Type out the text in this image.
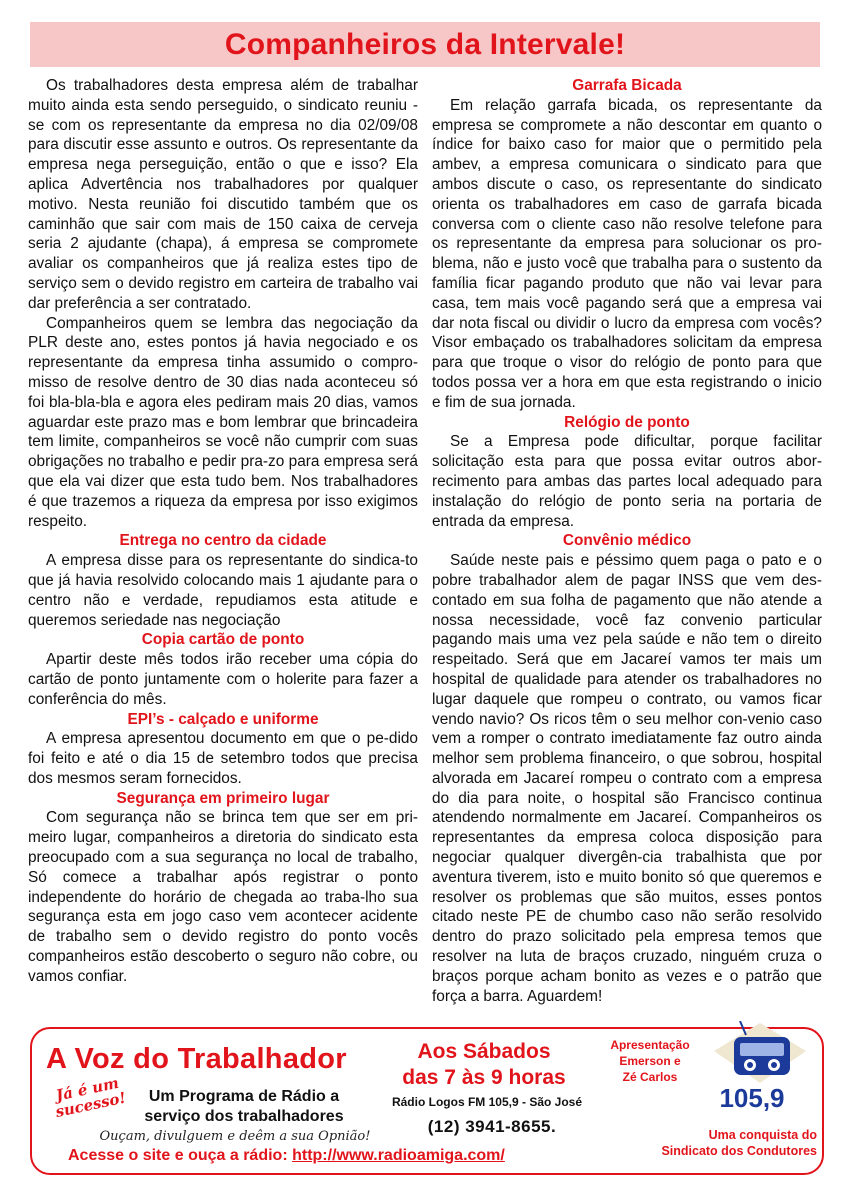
Companheiros da Intervale!

Os trabalhadores desta empresa além de trabalhar muito ainda esta sendo perseguido, o sindicato reuniu - se com os representante da empresa no dia 02/09/08 para discutir esse assunto e outros. Os representante da empresa nega perseguição, então o que e isso? Ela aplica Advertência nos trabalhadores por qualquer motivo. Nesta reunião foi discutido também que os caminhão que sair com mais de 150 caixa de cerveja seria 2 ajudante (chapa), á empresa se compromete avaliar os companheiros que já realiza estes tipo de serviço sem o devido registro em carteira de trabalho vai dar preferência a ser contratado.

Companheiros quem se lembra das negociação da PLR deste ano, estes pontos já havia negociado e os representante da empresa tinha assumido o compro-misso de resolve dentro de 30 dias nada aconteceu só foi bla-bla-bla e agora eles pediram mais 20 dias, vamos aguardar este prazo mas e bom lembrar que brincadeira tem limite, companheiros se você não cumprir com suas obrigações no trabalho e pedir pra-zo para empresa será que ela vai dizer que esta tudo bem. Nos trabalhadores é que trazemos a riqueza da empresa por isso exigimos respeito.

Entrega no centro da cidade

A empresa disse para os representante do sindica-to que já havia resolvido colocando mais 1 ajudante para o centro não e verdade, repudiamos esta atitude e queremos seriedade nas negociação

Copia cartão de ponto

Apartir deste mês todos irão receber uma cópia do cartão de ponto juntamente com o holerite para fazer a conferência do mês.

EPI’s - calçado e uniforme

A empresa apresentou documento em que o pe-dido foi feito e até o dia 15 de setembro todos que precisa dos mesmos seram fornecidos.

Segurança em primeiro lugar

Com segurança não se brinca tem que ser em pri-meiro lugar, companheiros a diretoria do sindicato esta preocupado com a sua segurança no local de trabalho, Só comece a trabalhar após registrar o ponto independente do horário de chegada ao traba-lho sua segurança esta em jogo caso vem acontecer acidente de trabalho sem o devido registro do ponto vocês companheiros estão descoberto o seguro não cobre, ou vamos confiar.

Garrafa Bicada

Em relação garrafa bicada, os representante da empresa se compromete a não descontar em quanto o índice for baixo caso for maior que o permitido pela ambev, a empresa comunicara o sindicato para que ambos discute o caso, os representante do sindicato orienta os trabalhadores em caso de garrafa bicada conversa com o cliente caso não resolve telefone para os representante da empresa para solucionar os pro-blema, não e justo você que trabalha para o sustento da família ficar pagando produto que não vai levar para casa, tem mais você pagando será que a empresa vai dar nota fiscal ou dividir o lucro da empresa com vocês? Visor embaçado os trabalhadores solicitam da empresa para que troque o visor do relógio de ponto para que todos possa ver a hora em que esta registrando o inicio e fim de sua jornada.

Relógio de ponto

Se a Empresa pode dificultar, porque facilitar solicitação esta para que possa evitar outros abor-recimento para ambas das partes local adequado para instalação do relógio de ponto seria na portaria de entrada da empresa.

Convênio médico

Saúde neste pais e péssimo quem paga o pato e o pobre trabalhador alem de pagar INSS que vem des-contado em sua folha de pagamento que não atende a nossa necessidade, você faz convenio particular pagando mais uma vez pela saúde e não tem o direito respeitado. Será que em Jacareí vamos ter mais um hospital de qualidade para atender os trabalhadores no lugar daquele que rompeu o contrato, ou vamos ficar vendo navio? Os ricos têm o seu melhor con-venio caso vem a romper o contrato imediatamente faz outro ainda melhor sem problema financeiro, o que sobrou, hospital alvorada em Jacareí rompeu o contrato com a empresa do dia para noite, o hospital são Francisco continua atendendo normalmente em Jacareí. Companheiros os representantes da empresa coloca disposição para negociar qualquer divergên-cia trabalhista que por aventura tiverem, isto e muito bonito só que queremos e resolver os problemas que são muitos, esses pontos citado neste PE de chumbo caso não serão resolvido dentro do prazo solicitado pela empresa temos que resolver na luta de braços cruzado, ninguém cruza o braços porque acham bonito as vezes e o patrão que força a barra. Aguardem!

A Voz do Trabalhador
Já é um sucesso!	Um Programa de Rádio a
serviço dos trabalhadores
Ouçam, divulguem e deêm a sua Opnião!
Acesse o site e ouça a rádio: http://www.radioamiga.com/
Aos Sábados
das 7 às 9 horas
Rádio Logos FM 105,9 - São José
(12) 3941-8655.
Apresentação
Emerson e
Zé Carlos
105,9
Uma conquista do
Sindicato dos Condutores
